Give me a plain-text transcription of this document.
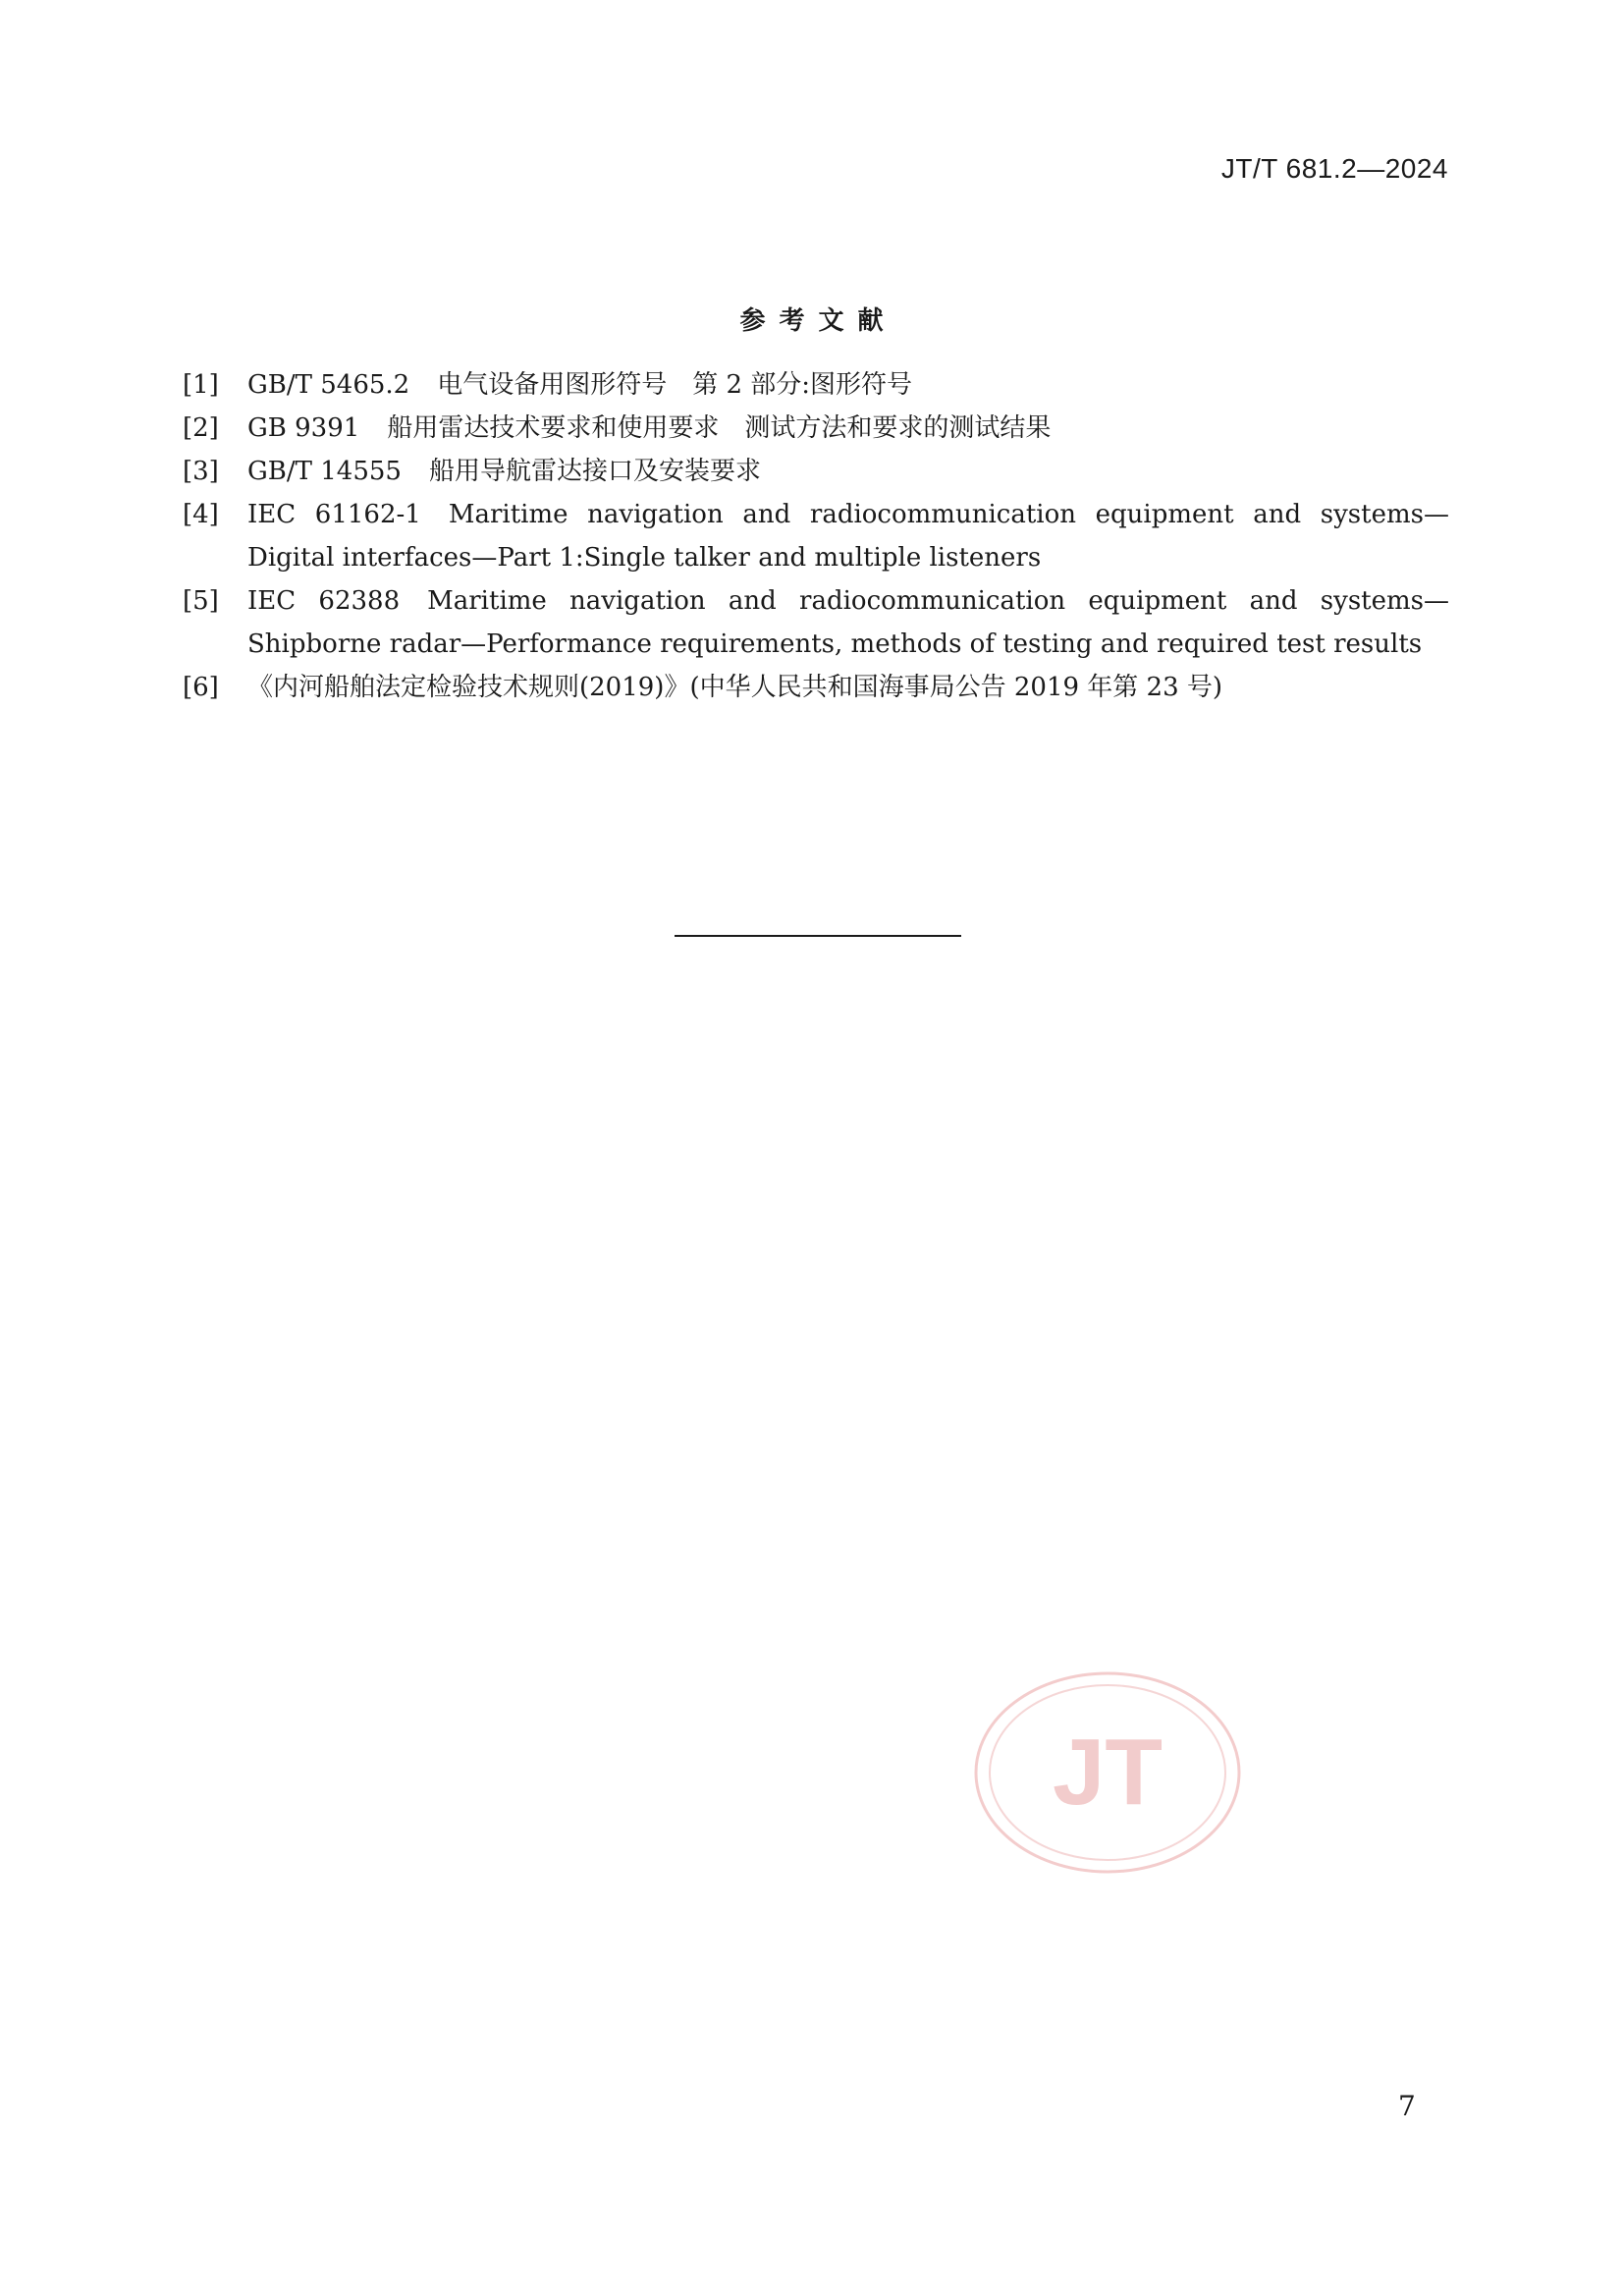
JT/T 681.2—2024
参考文献
[1]	GB/T 5465.2 电气设备用图形符号　第 2 部分:图形符号
[2]	GB 9391 船用雷达技术要求和使用要求　测试方法和要求的测试结果
[3]	GB/T 14555 船用导航雷达接口及安装要求
[4]	IEC 61162-1 Maritime navigation and radiocommunication equipment and systems—Digital interfaces—Part 1:Single talker and multiple listeners
[5]	IEC 62388 Maritime navigation and radiocommunication equipment and systems—Shipborne radar—Performance requirements, methods of testing and required test results
[6]	《内河船舶法定检验技术规则(2019)》(中华人民共和国海事局公告 2019 年第 23 号)
JT
7
